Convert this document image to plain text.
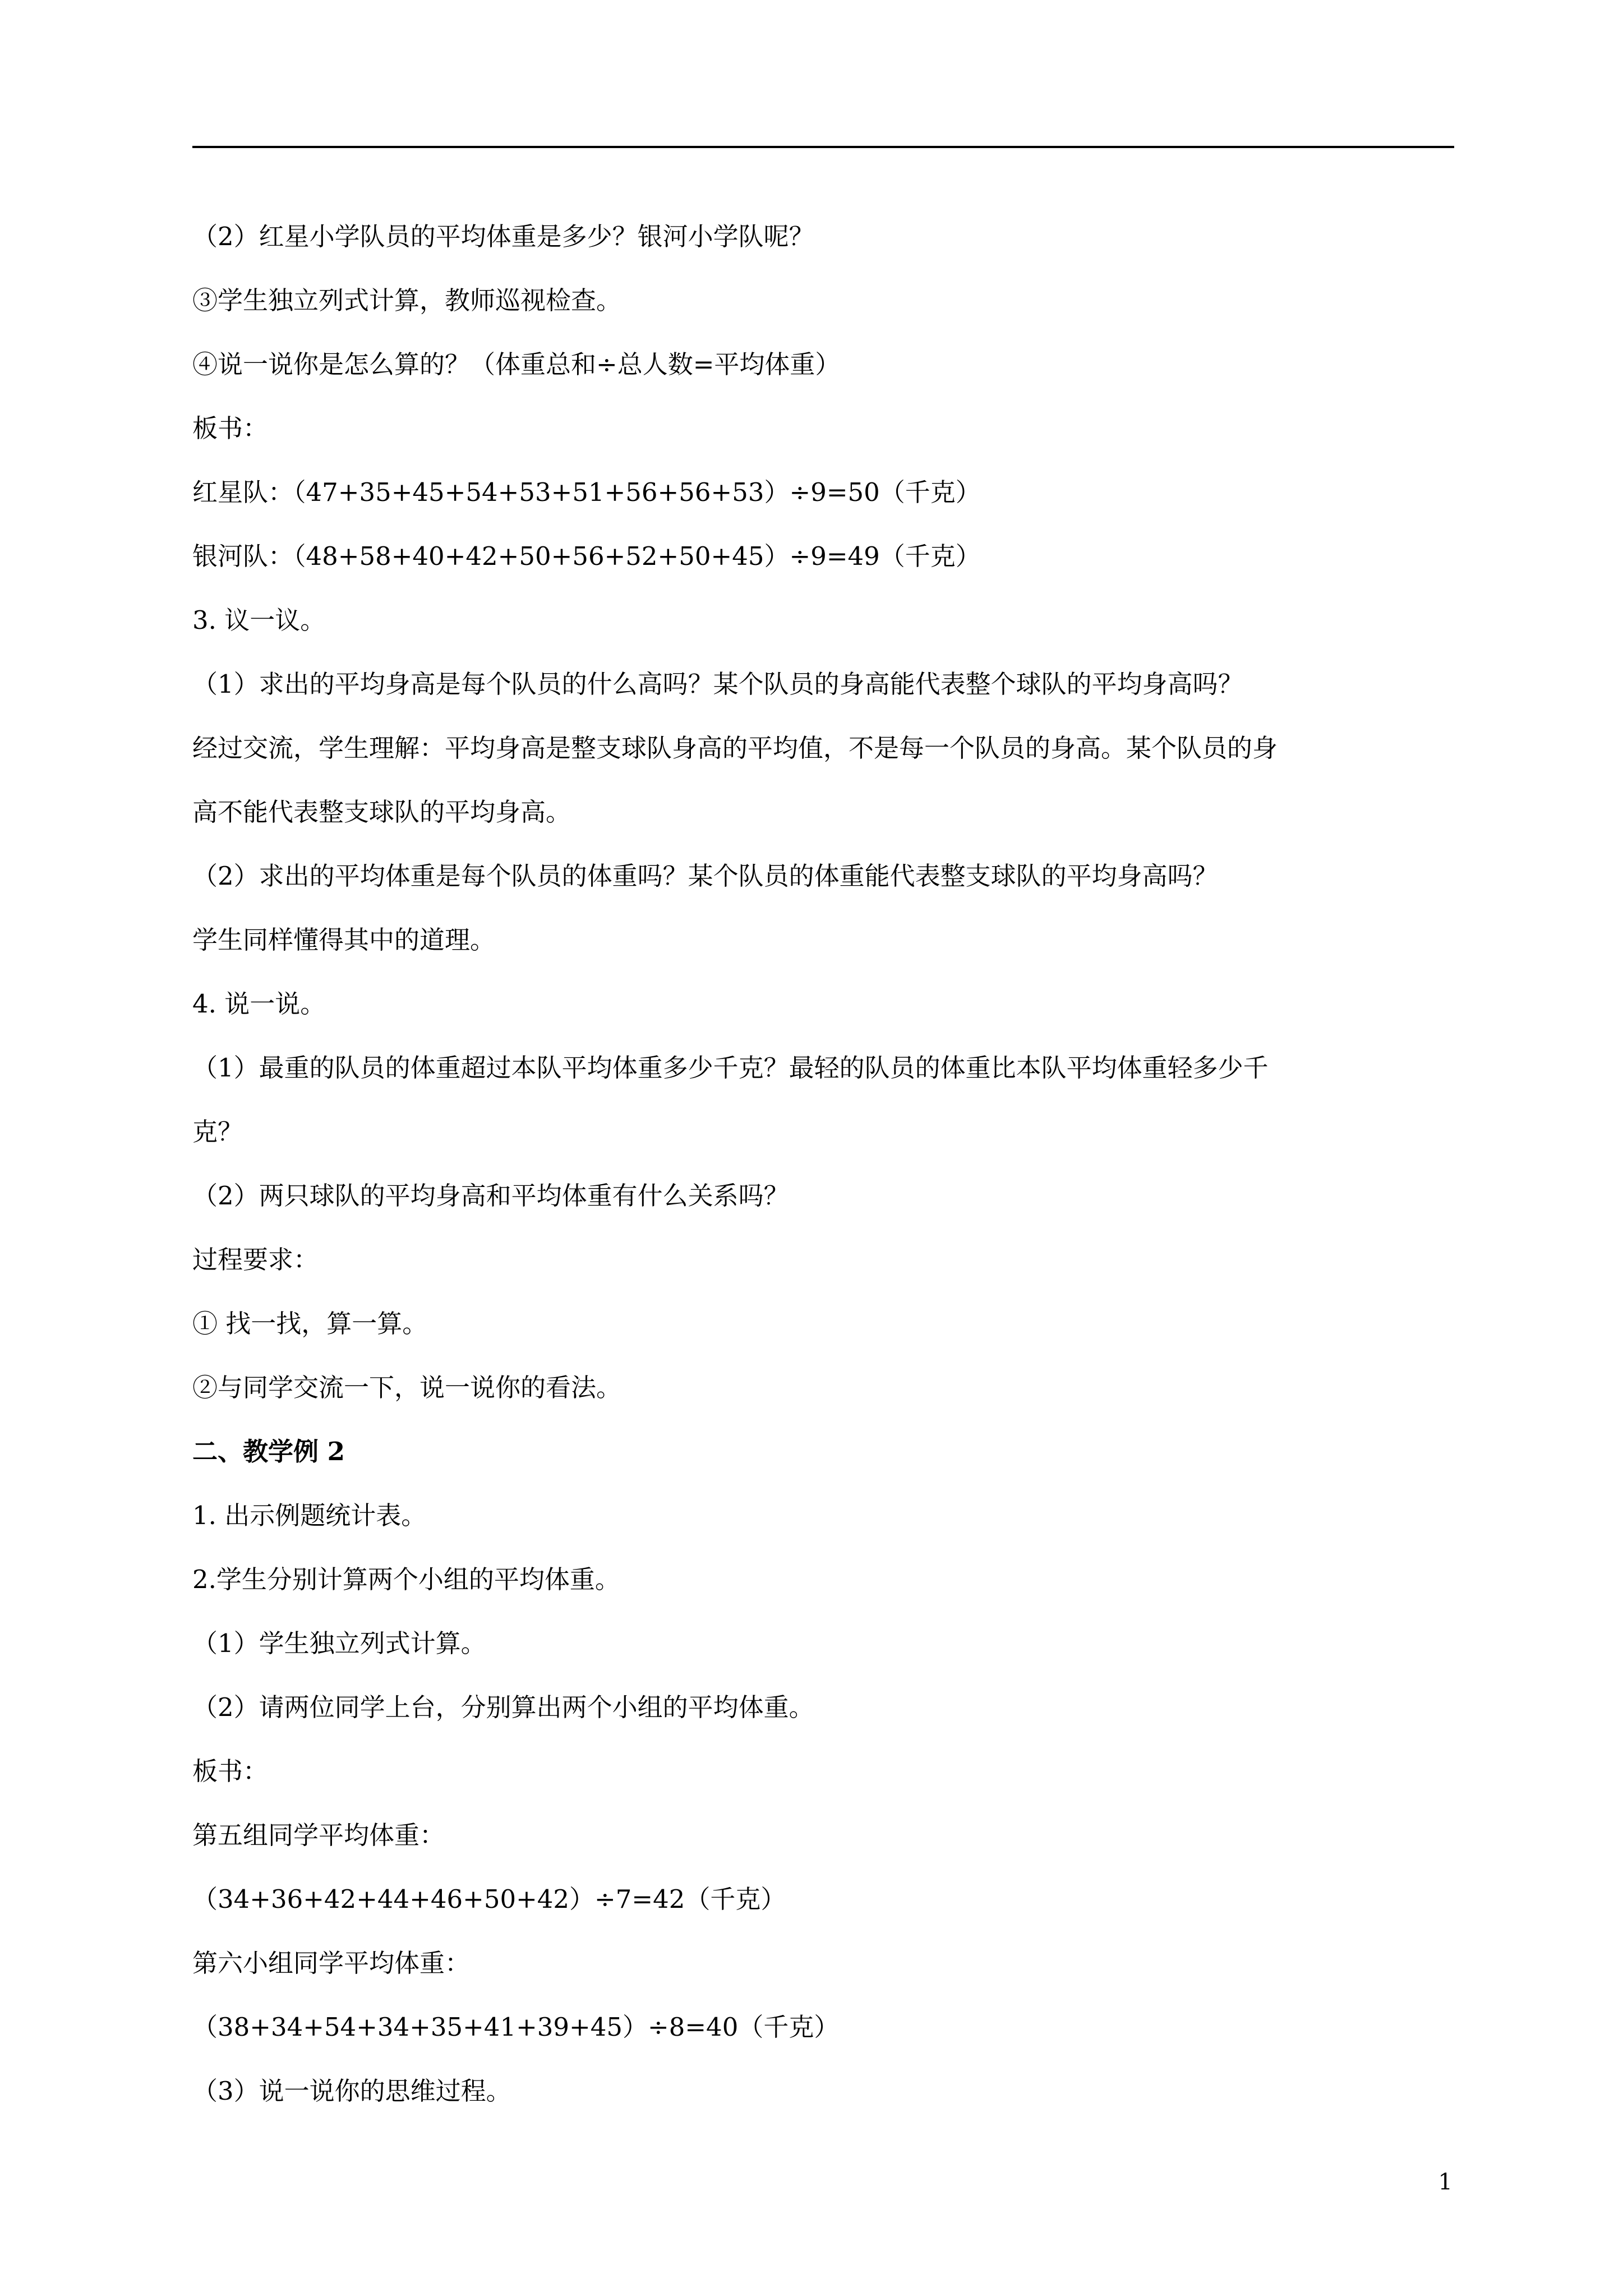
（2）红星小学队员的平均体重是多少？银河小学队呢？
③学生独立列式计算，教师巡视检查。
④说一说你是怎么算的？（体重总和÷总人数=平均体重）
板书：
红星队：（47+35+45+54+53+51+56+56+53）÷9=50（千克）
银河队：（48+58+40+42+50+56+52+50+45）÷9=49（千克）
3. 议一议。
（1）求出的平均身高是每个队员的什么高吗？某个队员的身高能代表整个球队的平均身高吗？
经过交流，学生理解：平均身高是整支球队身高的平均值，不是每一个队员的身高。某个队员的身
高不能代表整支球队的平均身高。
（2）求出的平均体重是每个队员的体重吗？某个队员的体重能代表整支球队的平均身高吗？
学生同样懂得其中的道理。
4. 说一说。
（1）最重的队员的体重超过本队平均体重多少千克？最轻的队员的体重比本队平均体重轻多少千
克？
（2）两只球队的平均身高和平均体重有什么关系吗？
过程要求：
① 找一找，算一算。
②与同学交流一下，说一说你的看法。
二、教学例 2
1. 出示例题统计表。
2.学生分别计算两个小组的平均体重。
（1）学生独立列式计算。
（2）请两位同学上台，分别算出两个小组的平均体重。
板书：
第五组同学平均体重：
（34+36+42+44+46+50+42）÷7=42（千克）
第六小组同学平均体重：
（38+34+54+34+35+41+39+45）÷8=40（千克）
（3）说一说你的思维过程。
1
